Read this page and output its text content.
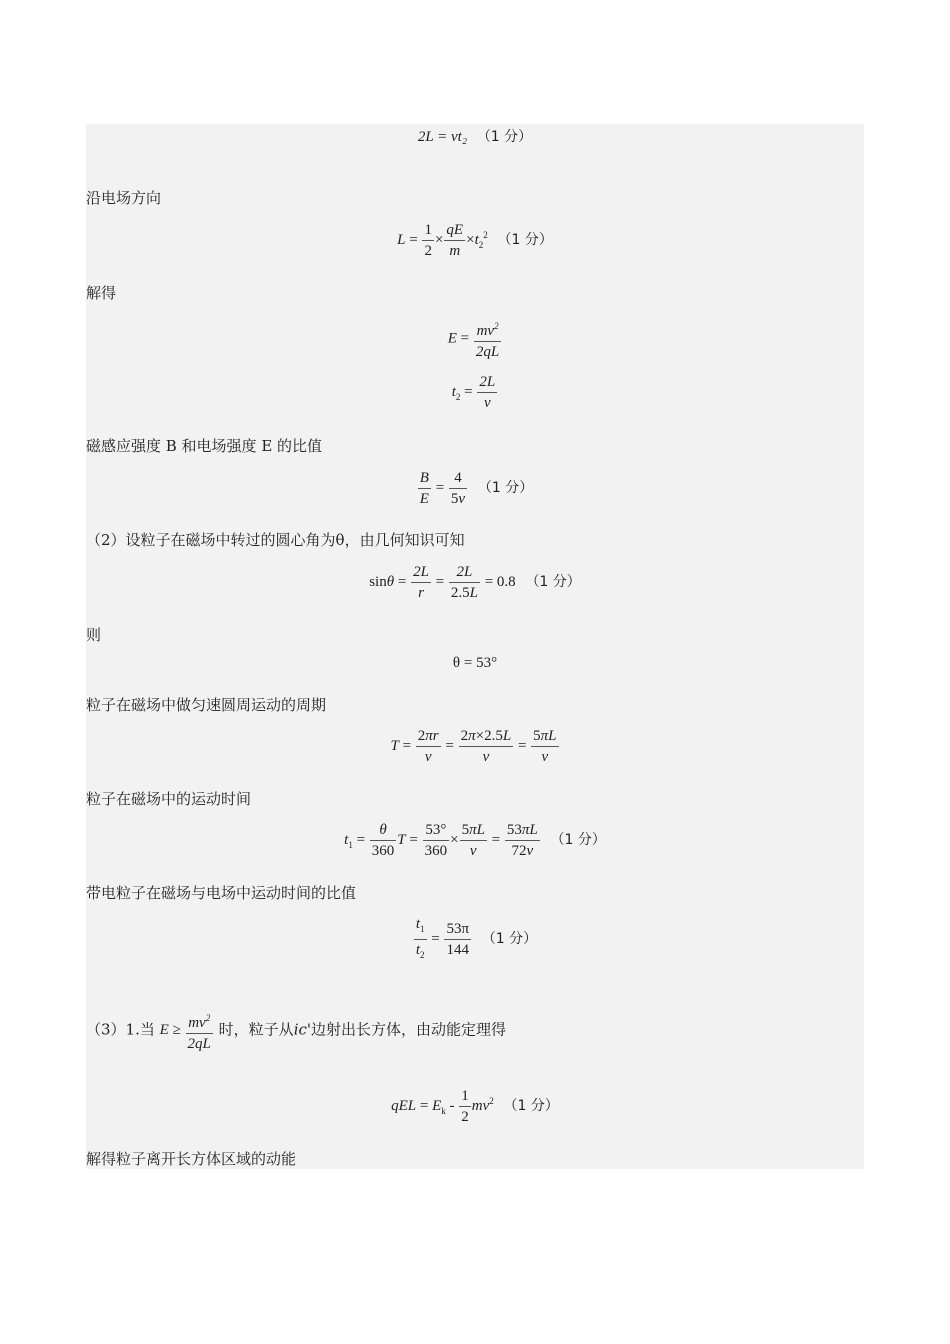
2L = vt₂ （1 分）
沿电场方向
$L = \frac{1}{2} \times \frac{qE}{m} \times t_2^2$ （1 分）
解得
$E = \frac{mv^2}{2qL}$
$t_2 = \frac{2L}{v}$
磁感应强度 B 和电场强度 E 的比值
$\frac{B}{E} = \frac{4}{5v} (1$ 分）
（2）设粒子在磁场中转过的圆心角为θ，由几何知识可知
$\sin\theta = \frac{2L}{r} = \frac{2L}{2.5L} = 0.8$ （1 分）
则
θ = 53°
粒子在磁场中做匀速圆周运动的周期
$T = \frac{2\pi r}{v} = \frac{2\pi\times 2.5L}{v} = \frac{5\pi L}{v}$
粒子在磁场中的运动时间
$t_1 = \frac{\theta}{360}$ $T = \frac{53^\circ}{360} \times \frac{5\pi L}{v} = \frac{53\pi L}{72v} (1$ 分）
带电粒子在磁场与电场中运动时间的比值
$\frac{t_1}{t_2} = \frac{53\pi}{144} (1$ 分）
（3）1.当 $E \ge \frac{mv^2}{2qL}$ 时，粒子从ic'边射出长方体，由动能定理得
qEL = $E_k - \frac{1}{2} mv^2$ （1 分）
解得粒子离开长方体区域的动能
